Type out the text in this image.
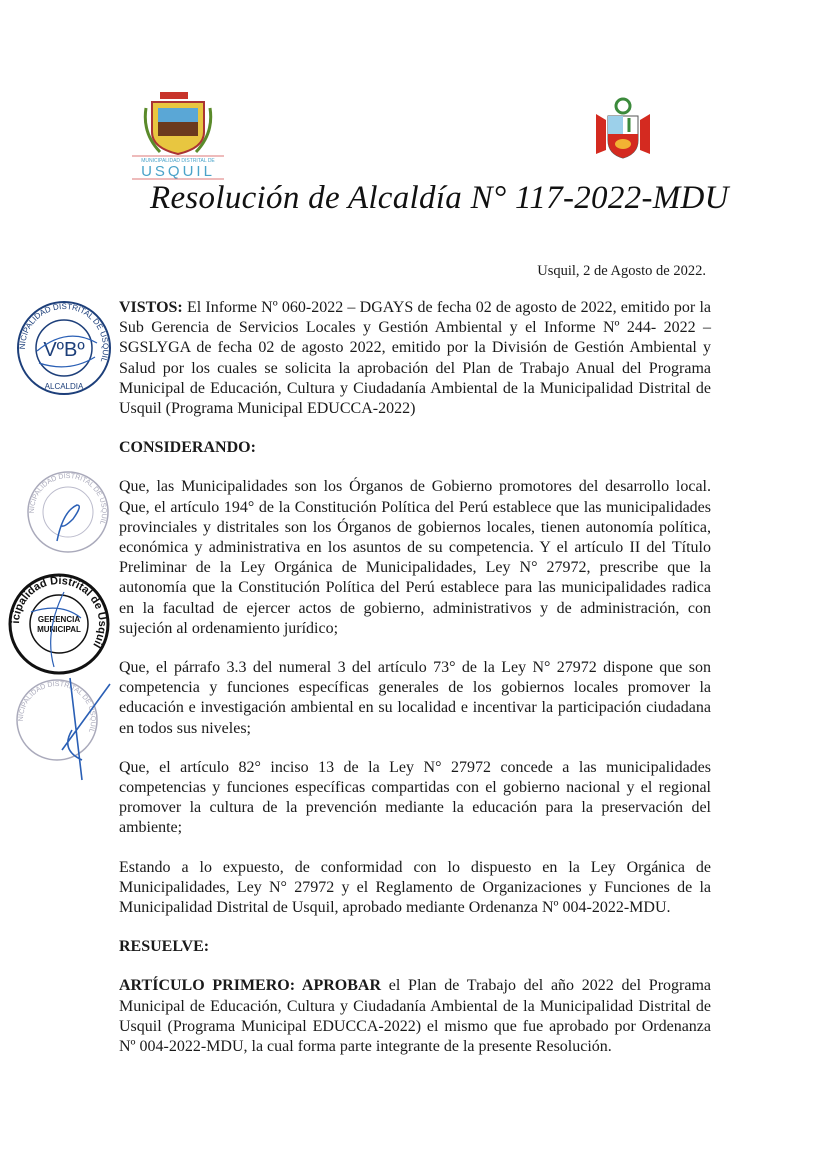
MUNICIPALIDAD DISTRITAL DE
USQUIL
Resolución de Alcaldía N° 117-2022-MDU
Usquil, 2 de Agosto de 2022.

VISTOS: El Informe Nº 060-2022 – DGAYS de fecha 02 de agosto de 2022, emitido por la Sub Gerencia de Servicios Locales y Gestión Ambiental y el Informe Nº 244- 2022 – SGSLYGA de fecha 02 de agosto 2022, emitido por la División de Gestión Ambiental y Salud por los cuales se solicita la aprobación del Plan de Trabajo Anual del Programa Municipal de Educación, Cultura y Ciudadanía Ambiental de la Municipalidad Distrital de Usquil (Programa Municipal EDUCCA-2022)

CONSIDERANDO:

Que, las Municipalidades son los Órganos de Gobierno promotores del desarrollo local. Que, el artículo 194° de la Constitución Política del Perú establece que las municipalidades provinciales y distritales son los Órganos de gobiernos locales, tienen autonomía política, económica y administrativa en los asuntos de su competencia. Y el artículo II del Título Preliminar de la Ley Orgánica de Municipalidades, Ley N° 27972, prescribe que la autonomía que la Constitución Política del Perú establece para las municipalidades radica en la facultad de ejercer actos de gobierno, administrativos y de administración, con sujeción al ordenamiento jurídico;

Que, el párrafo 3.3 del numeral 3 del artículo 73° de la Ley N° 27972 dispone que son competencia y funciones específicas generales de los gobiernos locales promover la educación e investigación ambiental en su localidad e incentivar la participación ciudadana en todos sus niveles;

Que, el artículo 82° inciso 13 de la Ley N° 27972 concede a las municipalidades competencias y funciones específicas compartidas con el gobierno nacional y el regional promover la cultura de la prevención mediante la educación para la preservación del ambiente;

Estando a lo expuesto, de conformidad con lo dispuesto en la Ley Orgánica de Municipalidades, Ley N° 27972 y el Reglamento de Organizaciones y Funciones de la Municipalidad Distrital de Usquil, aprobado mediante Ordenanza Nº 004-2022-MDU.

RESUELVE:

ARTÍCULO PRIMERO: APROBAR el Plan de Trabajo del año 2022 del Programa Municipal de Educación, Cultura y Ciudadanía Ambiental de la Municipalidad Distrital de Usquil (Programa Municipal EDUCCA-2022) el mismo que fue aprobado por Ordenanza Nº 004-2022-MDU, la cual forma parte integrante de la presente Resolución.

MUNICIPALIDAD DISTRITAL DE USQUIL
VºBº
ALCALDIA
MUNICIPALIDAD DISTRITAL DE USQUIL
Municipalidad Distrital de Usquil
GERENCIA
MUNICIPAL
MUNICIPALIDAD DISTRITAL DE USQUIL
